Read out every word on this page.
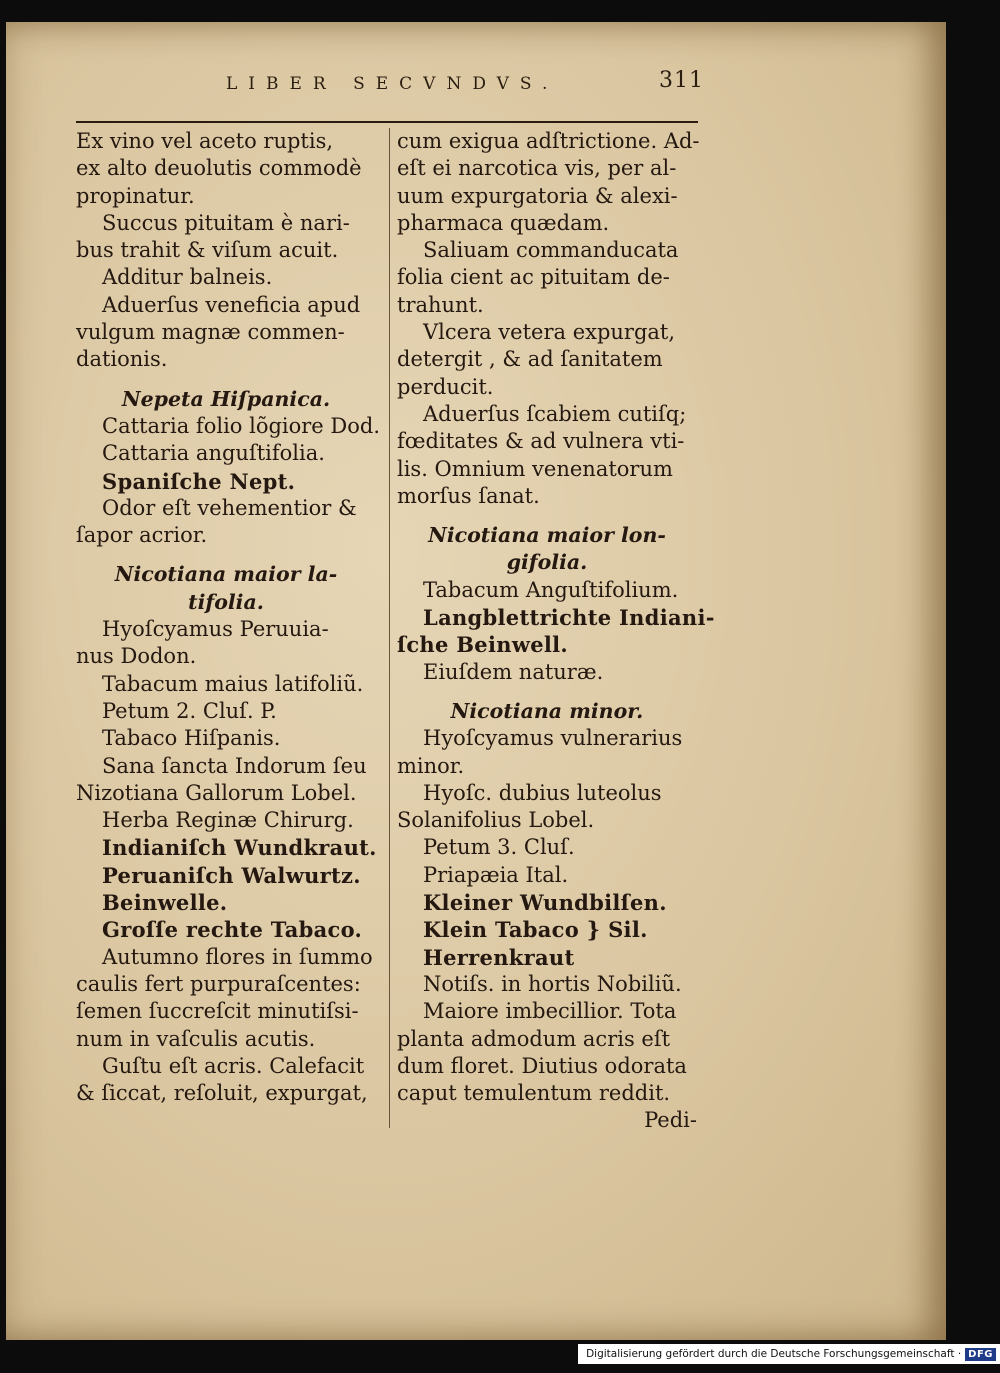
LIBER SECVNDVS.	311
Ex vino vel aceto ruptis,
ex alto deuolutis commodè
propinatur.
Succus pituitam è nari-
bus trahit & viſum acuit.
Additur balneis.
Aduerſus veneficia apud
vulgum magnæ commen-
dationis.
Nepeta Hiſpanica.
Cattaria folio lõgiore Dod.
Cattaria anguſtifolia.
Spaniſche Nept.
Odor eſt vehementior &
ſapor acrior.
Nicotiana maior la-
tifolia.
Hyoſcyamus Peruuia-
nus Dodon.
Tabacum maius latifoliũ.
Petum 2. Cluſ. P.
Tabaco Hiſpanis.
Sana ſancta Indorum ſeu
Nizotiana Gallorum Lobel.
Herba Reginæ Chirurg.
Indianiſch Wundkraut.
Peruaniſch Walwurtz.
Beinwelle.
Groſſe rechte Tabaco.
Autumno flores in ſummo
caulis fert purpuraſcentes:
ſemen ſuccreſcit minutiſsi-
num in vaſculis acutis.
Guſtu eſt acris. Calefacit
& ſiccat, reſoluit, expurgat,
cum exigua adſtrictione. Ad-
eſt ei narcotica vis, per al-
uum expurgatoria & alexi-
pharmaca quædam.
Saliuam commanducata
folia cient ac pituitam de-
trahunt.
Vlcera vetera expurgat,
detergit , & ad ſanitatem
perducit.
Aduerſus ſcabiem cutiſq;
fœditates & ad vulnera vti-
lis. Omnium venenatorum
morſus ſanat.
Nicotiana maior lon-
gifolia.
Tabacum Anguſtifolium.
Langblettrichte Indiani-
ſche Beinwell.
Eiuſdem naturæ.
Nicotiana minor.
Hyoſcyamus vulnerarius
minor.
Hyoſc. dubius luteolus
Solanifolius Lobel.
Petum 3. Cluſ.
Priapæia Ital.
Kleiner Wundbilſen.
Klein Tabaco } Sil.
Herrenkraut
Notiſs. in hortis Nobiliũ.
Maiore imbecillior. Tota
planta admodum acris eſt
dum floret. Diutius odorata
caput temulentum reddit.
Pedi-
Digitalisierung gefördert durch die Deutsche Forschungsgemeinschaft · DFG
